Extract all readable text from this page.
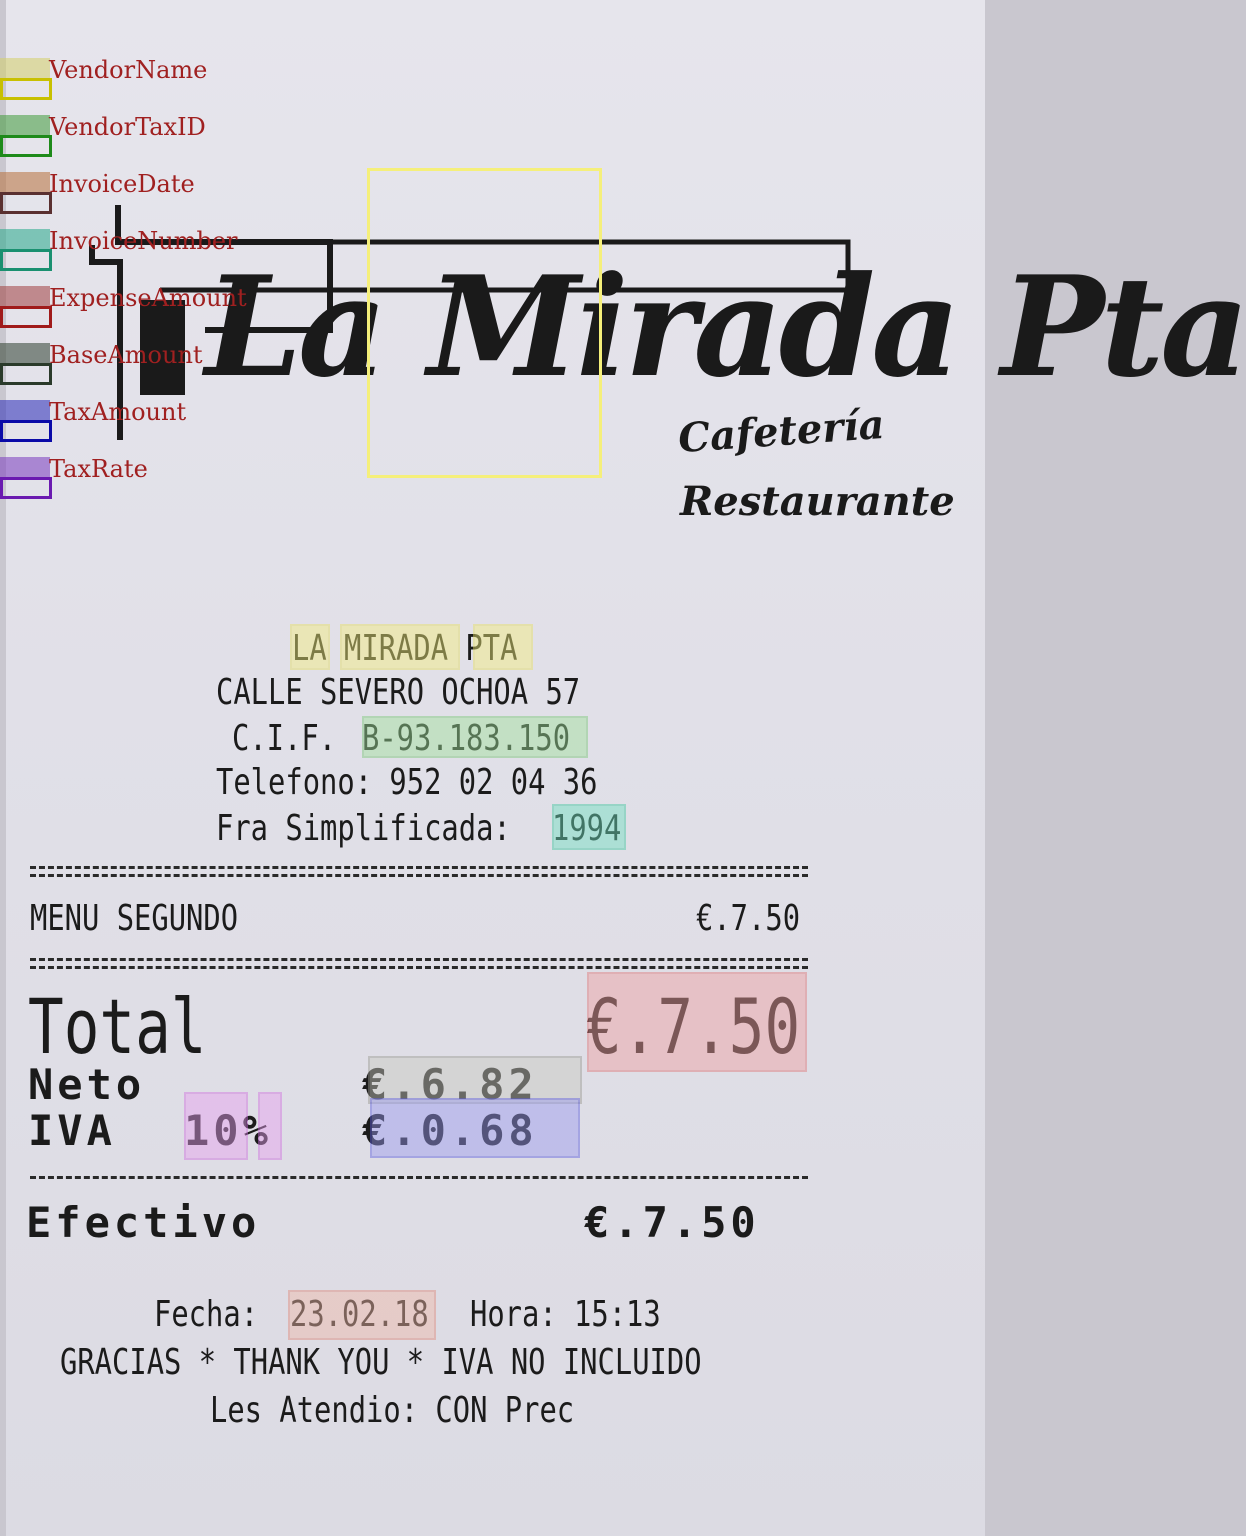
La Mirada Pta
Cafetería
Restaurante
LA MIRADA PTA
CALLE SEVERO OCHOA 57
C.I.F. B-93.183.150
Telefono: 952 02 04 36
Fra Simplificada: 1994
MENU SEGUNDO	€.7.50
Total	€.7.50
Neto	€.6.82
IVA 10% €.0.68
Efectivo	€.7.50
Fecha: 23.02.18 Hora: 15:13
GRACIAS * THANK YOU * IVA NO INCLUIDO
Les Atendio: CON Prec
VendorName
VendorTaxID
InvoiceDate
InvoiceNumber
ExpenseAmount
BaseAmount
TaxAmount
TaxRate
